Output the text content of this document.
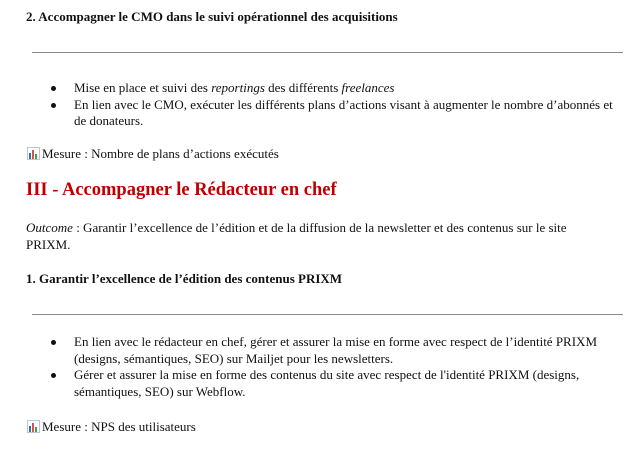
2. Accompagner le CMO dans le suivi opérationnel des acquisitions
Mise en place et suivi des reportings des différents freelances
En lien avec le CMO, exécuter les différents plans d’actions visant à augmenter le nombre d’abonnés et
de donateurs.
Mesure : Nombre de plans d’actions exécutés
III - Accompagner le Rédacteur en chef
Outcome : Garantir l’excellence de l’édition et de la diffusion de la newsletter et des contenus sur le site
PRIXM.
1. Garantir l’excellence de l’édition des contenus PRIXM
En lien avec le rédacteur en chef, gérer et assurer la mise en forme avec respect de l’identité PRIXM
(designs, sémantiques, SEO) sur Mailjet pour les newsletters.
Gérer et assurer la mise en forme des contenus du site avec respect de l'identité PRIXM (designs,
sémantiques, SEO) sur Webflow.
Mesure : NPS des utilisateurs
